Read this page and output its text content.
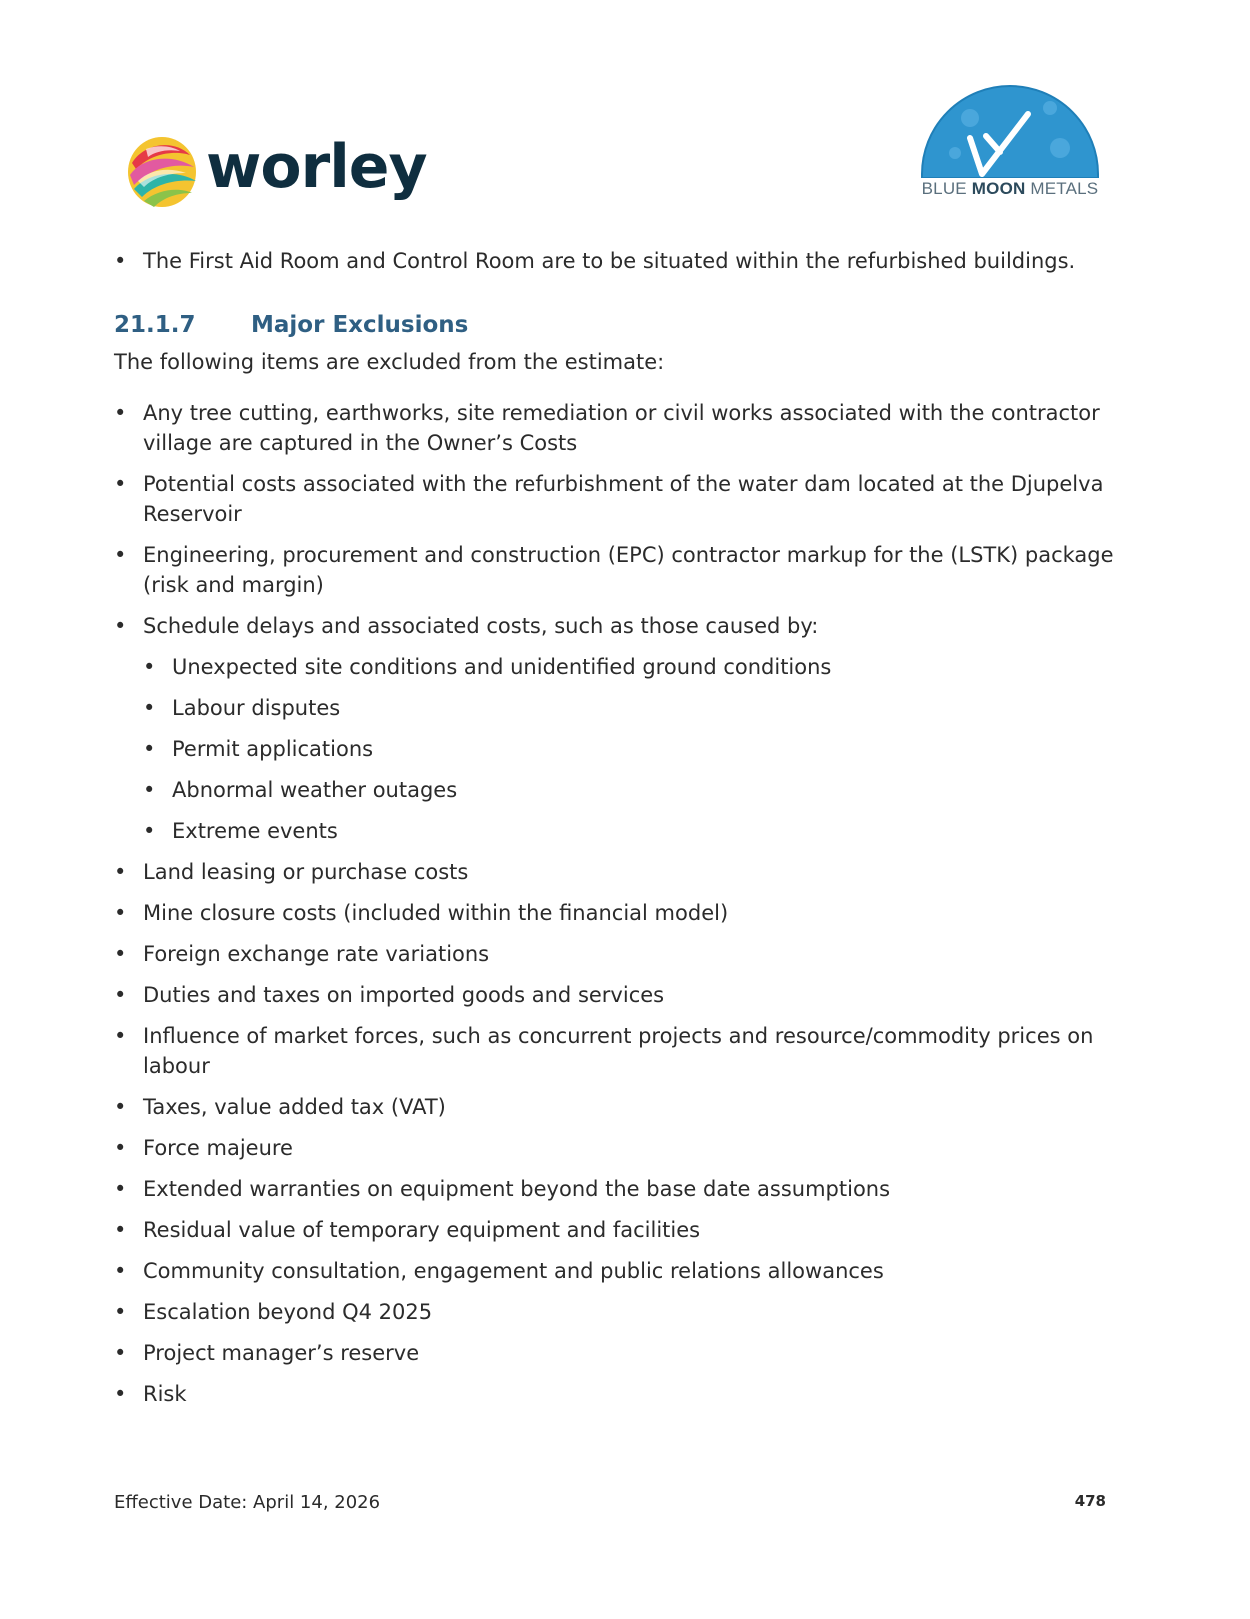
worley	BLUE MOON METALS
• The First Aid Room and Control Room are to be situated within the refurbished buildings.
21.1.7	Major Exclusions
The following items are excluded from the estimate:
• Any tree cutting, earthworks, site remediation or civil works associated with the contractor village are captured in the Owner’s Costs
• Potential costs associated with the refurbishment of the water dam located at the Djupelva Reservoir
• Engineering, procurement and construction (EPC) contractor markup for the (LSTK) package (risk and margin)
• Schedule delays and associated costs, such as those caused by:
• Unexpected site conditions and unidentified ground conditions
• Labour disputes
• Permit applications
• Abnormal weather outages
• Extreme events
• Land leasing or purchase costs
• Mine closure costs (included within the financial model)
• Foreign exchange rate variations
• Duties and taxes on imported goods and services
• Influence of market forces, such as concurrent projects and resource/commodity prices on labour
• Taxes, value added tax (VAT)
• Force majeure
• Extended warranties on equipment beyond the base date assumptions
• Residual value of temporary equipment and facilities
• Community consultation, engagement and public relations allowances
• Escalation beyond Q4 2025
• Project manager’s reserve
• Risk
Effective Date: April 14, 2026	478
